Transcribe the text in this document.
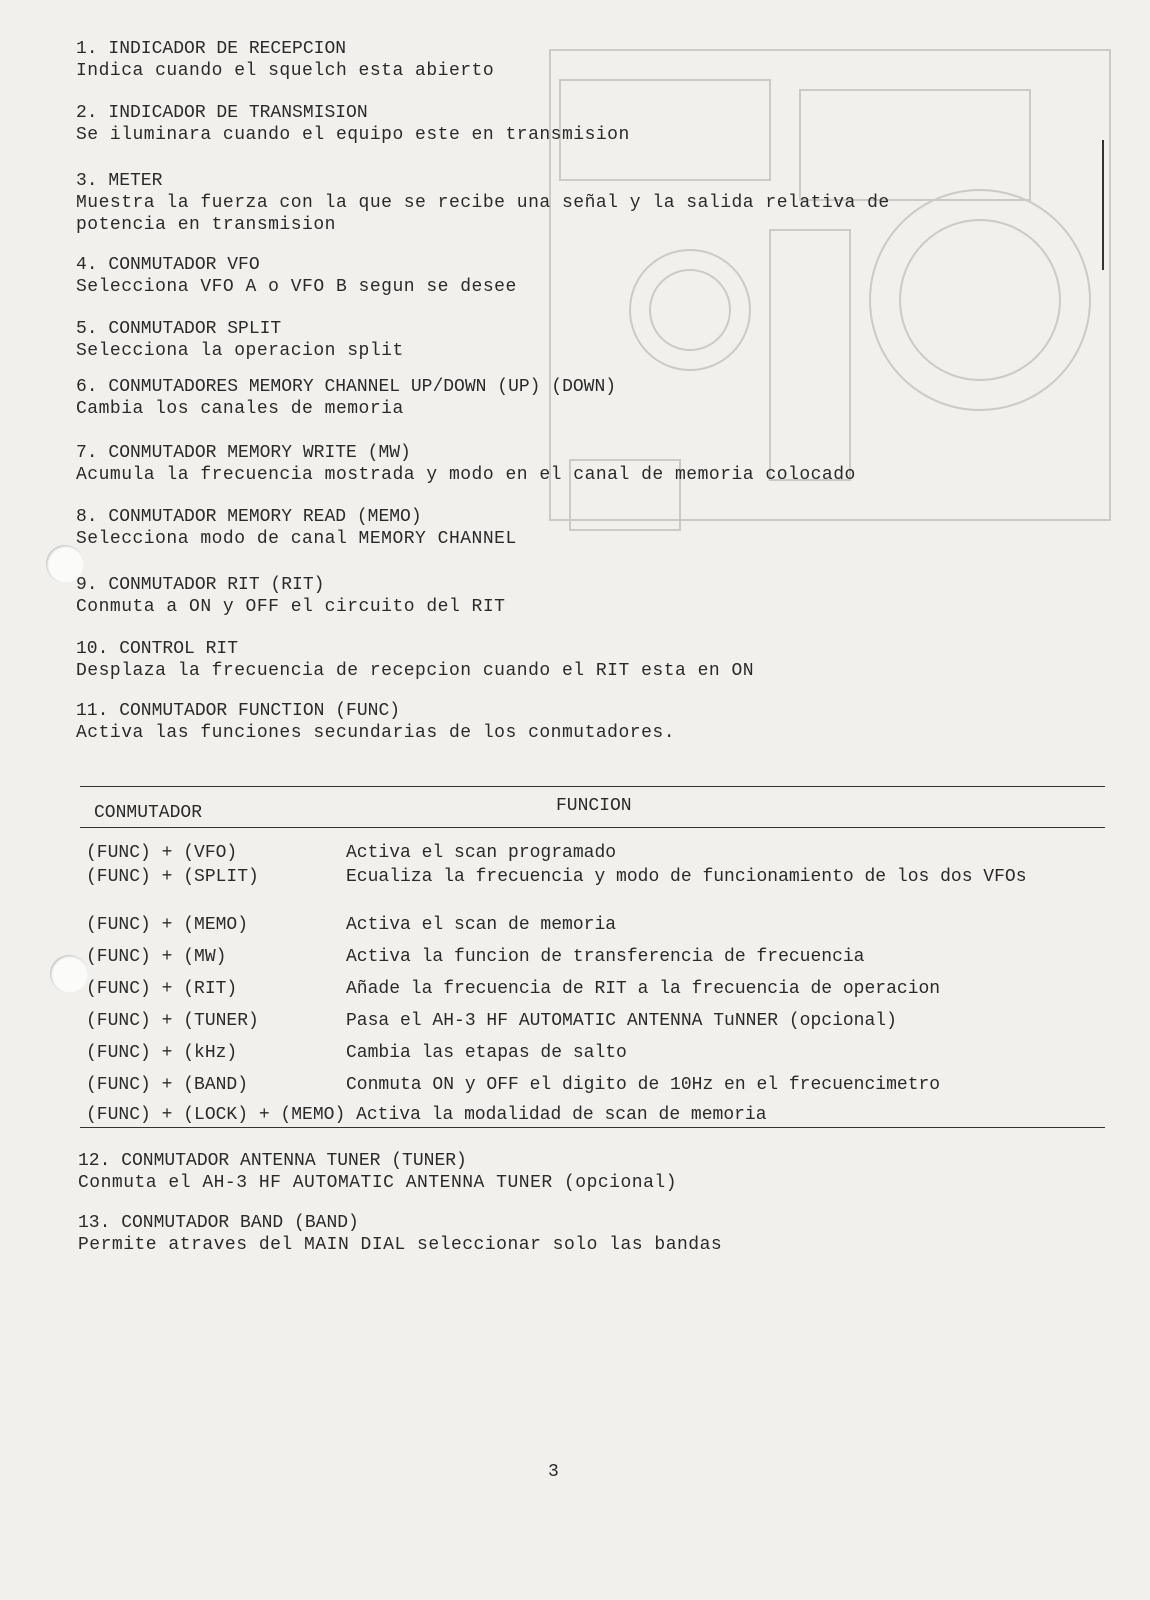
1. INDICADOR DE RECEPCION
Indica cuando el squelch esta abierto
2. INDICADOR DE TRANSMISION
Se iluminara cuando el equipo este en transmision
3. METER
Muestra la fuerza con la que se recibe una señal y la salida relativa de
potencia en transmision
4. CONMUTADOR VFO
Selecciona VFO A o VFO B segun se desee
5. CONMUTADOR SPLIT
Selecciona la operacion split
6. CONMUTADORES MEMORY CHANNEL UP/DOWN (UP) (DOWN)
Cambia los canales de memoria
7. CONMUTADOR MEMORY WRITE (MW)
Acumula la frecuencia mostrada y modo en el canal de memoria colocado
8. CONMUTADOR MEMORY READ (MEMO)
Selecciona modo de canal MEMORY CHANNEL
9. CONMUTADOR RIT (RIT)
Conmuta a ON y OFF el circuito del RIT
10. CONTROL RIT
Desplaza la frecuencia de recepcion cuando el RIT esta en ON
11. CONMUTADOR FUNCTION (FUNC)
Activa las funciones secundarias de los conmutadores.
CONMUTADOR	FUNCION
(FUNC) + (VFO)	Activa el scan programado
(FUNC) + (SPLIT)	Ecualiza la frecuencia y modo de funcionamiento de los dos VFOs
(FUNC) + (MEMO)	Activa el scan de memoria
(FUNC) + (MW)	Activa la funcion de transferencia de frecuencia
(FUNC) + (RIT)	Añade la frecuencia de RIT a la frecuencia de operacion
(FUNC) + (TUNER)	Pasa el AH-3 HF AUTOMATIC ANTENNA TuNNER (opcional)
(FUNC) + (kHz)	Cambia las etapas de salto
(FUNC) + (BAND)	Conmuta ON y OFF el digito de 10Hz en el frecuencimetro
(FUNC) + (LOCK) + (MEMO) Activa la modalidad de scan de memoria
12. CONMUTADOR ANTENNA TUNER (TUNER)
Conmuta el AH-3 HF AUTOMATIC ANTENNA TUNER (opcional)
13. CONMUTADOR BAND (BAND)
Permite atraves del MAIN DIAL seleccionar solo las bandas
3
